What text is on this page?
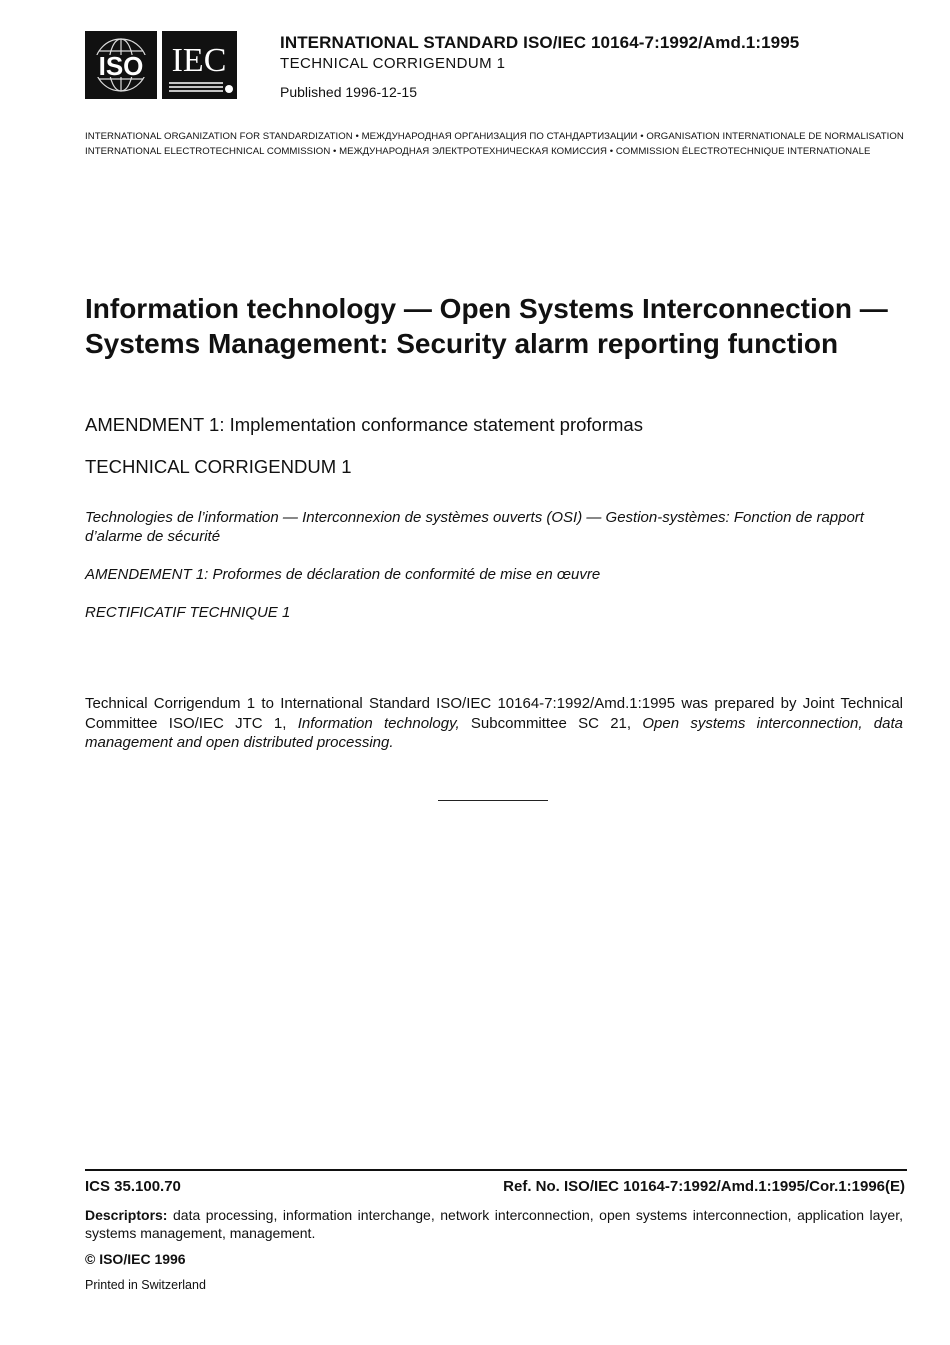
ISO IEC	INTERNATIONAL STANDARD ISO/IEC 10164-7:1992/Amd.1:1995
TECHNICAL CORRIGENDUM 1
Published 1996-12-15
INTERNATIONAL ORGANIZATION FOR STANDARDIZATION • МЕЖДУНАРОДНАЯ ОРГАНИЗАЦИЯ ПО СТАНДАРТИЗАЦИИ • ORGANISATION INTERNATIONALE DE NORMALISATION
INTERNATIONAL ELECTROTECHNICAL COMMISSION • МЕЖДУНАРОДНАЯ ЭЛЕКТРОТЕХНИЧЕСКАЯ КОМИССИЯ • COMMISSION ÉLECTROTECHNIQUE INTERNATIONALE
Information technology — Open Systems Interconnection — Systems Management: Security alarm reporting function
AMENDMENT 1: Implementation conformance statement proformas
TECHNICAL CORRIGENDUM 1
Technologies de l’information — Interconnexion de systèmes ouverts (OSI) — Gestion-systèmes: Fonction de rapport d’alarme de sécurité
AMENDEMENT 1: Proformes de déclaration de conformité de mise en œuvre
RECTIFICATIF TECHNIQUE 1
Technical Corrigendum 1 to International Standard ISO/IEC 10164-7:1992/Amd.1:1995 was prepared by Joint Technical Committee ISO/IEC JTC 1, Information technology, Subcommittee SC 21, Open systems interconnection, data management and open distributed processing.
ICS 35.100.70	Ref. No. ISO/IEC 10164-7:1992/Amd.1:1995/Cor.1:1996(E)
Descriptors: data processing, information interchange, network interconnection, open systems interconnection, application layer, systems management, management.
© ISO/IEC 1996
Printed in Switzerland
